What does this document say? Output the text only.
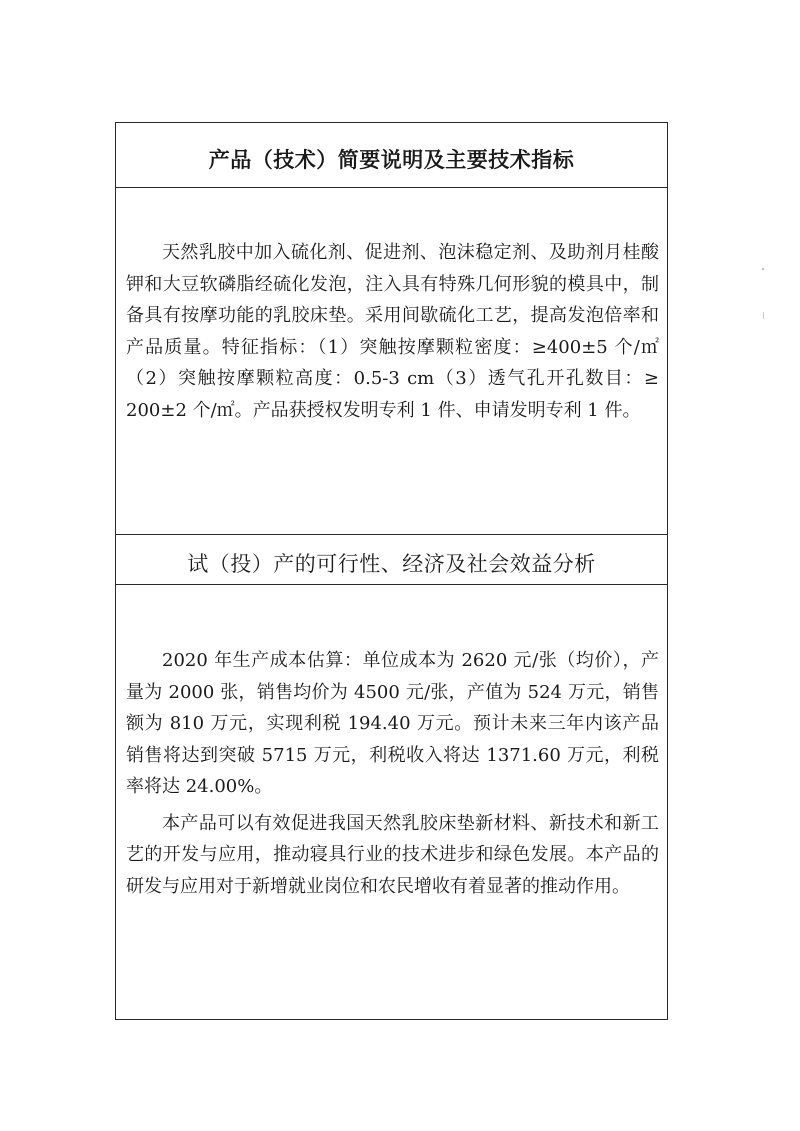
产品（技术）简要说明及主要技术指标

天然乳胶中加入硫化剂、促进剂、泡沫稳定剂、及助剂月桂酸钾和大豆软磷脂经硫化发泡，注入具有特殊几何形貌的模具中，制备具有按摩功能的乳胶床垫。采用间歇硫化工艺，提高发泡倍率和产品质量。特征指标：（1）突触按摩颗粒密度：≥400±5 个/㎡ （2）突触按摩颗粒高度：0.5-3 cm（3）透气孔开孔数目：≥ 200±2 个/㎡。产品获授权发明专利 1 件、申请发明专利 1 件。

试（投）产的可行性、经济及社会效益分析

2020 年生产成本估算：单位成本为 2620 元/张（均价），产量为 2000 张，销售均价为 4500 元/张，产值为 524 万元，销售额为 810 万元，实现利税 194.40 万元。预计未来三年内该产品销售将达到突破 5715 万元，利税收入将达 1371.60 万元，利税率将达 24.00%。

本产品可以有效促进我国天然乳胶床垫新材料、新技术和新工艺的开发与应用，推动寝具行业的技术进步和绿色发展。本产品的研发与应用对于新增就业岗位和农民增收有着显著的推动作用。
